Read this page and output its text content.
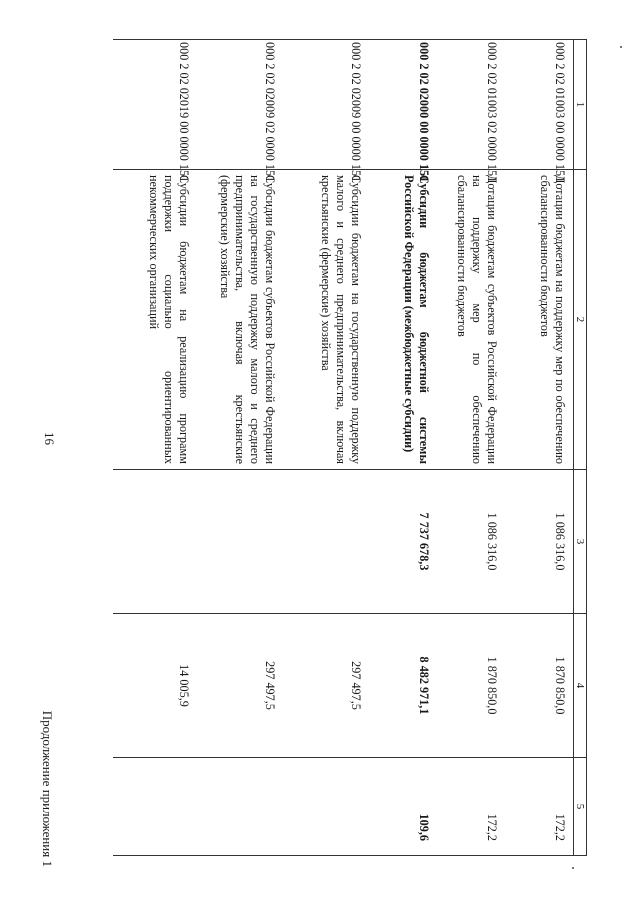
16
Продолжение приложения 1
1	2	3	4	5
000 2 02 01003 00 0000 151	Дотации бюджетам на поддержку мер по обеспечению сбалансированности бюджетов	1 086 316,0	1 870 850,0	172,2
000 2 02 01003 02 0000 151	Дотации бюджетам субъектов Российской Федерации на поддержку мер по обеспечению сбалансированности бюджетов	1 086 316,0	1 870 850,0	172,2
000 2 02 02000 00 0000 151	Субсидии бюджетам бюджетной системы Российской Федерации (межбюджетные субсидии)	7 737 678,3	8 482 971,1	109,6
000 2 02 02009 00 0000 151	Субсидии бюджетам на государственную поддержку малого и среднего предпринимательства, включая крестьянские (фермерские) хозяйства		297 497,5	
000 2 02 02009 02 0000 151	Субсидии бюджетам субъектов Российской Федерации на государственную поддержку малого и среднего предпринимательства, включая крестьянские (фермерские) хозяйства		297 497,5	
000 2 02 02019 00 0000 151	Субсидии бюджетам на реализацию программ поддержки социально ориентированных некоммерческих организаций		14 005,9	
